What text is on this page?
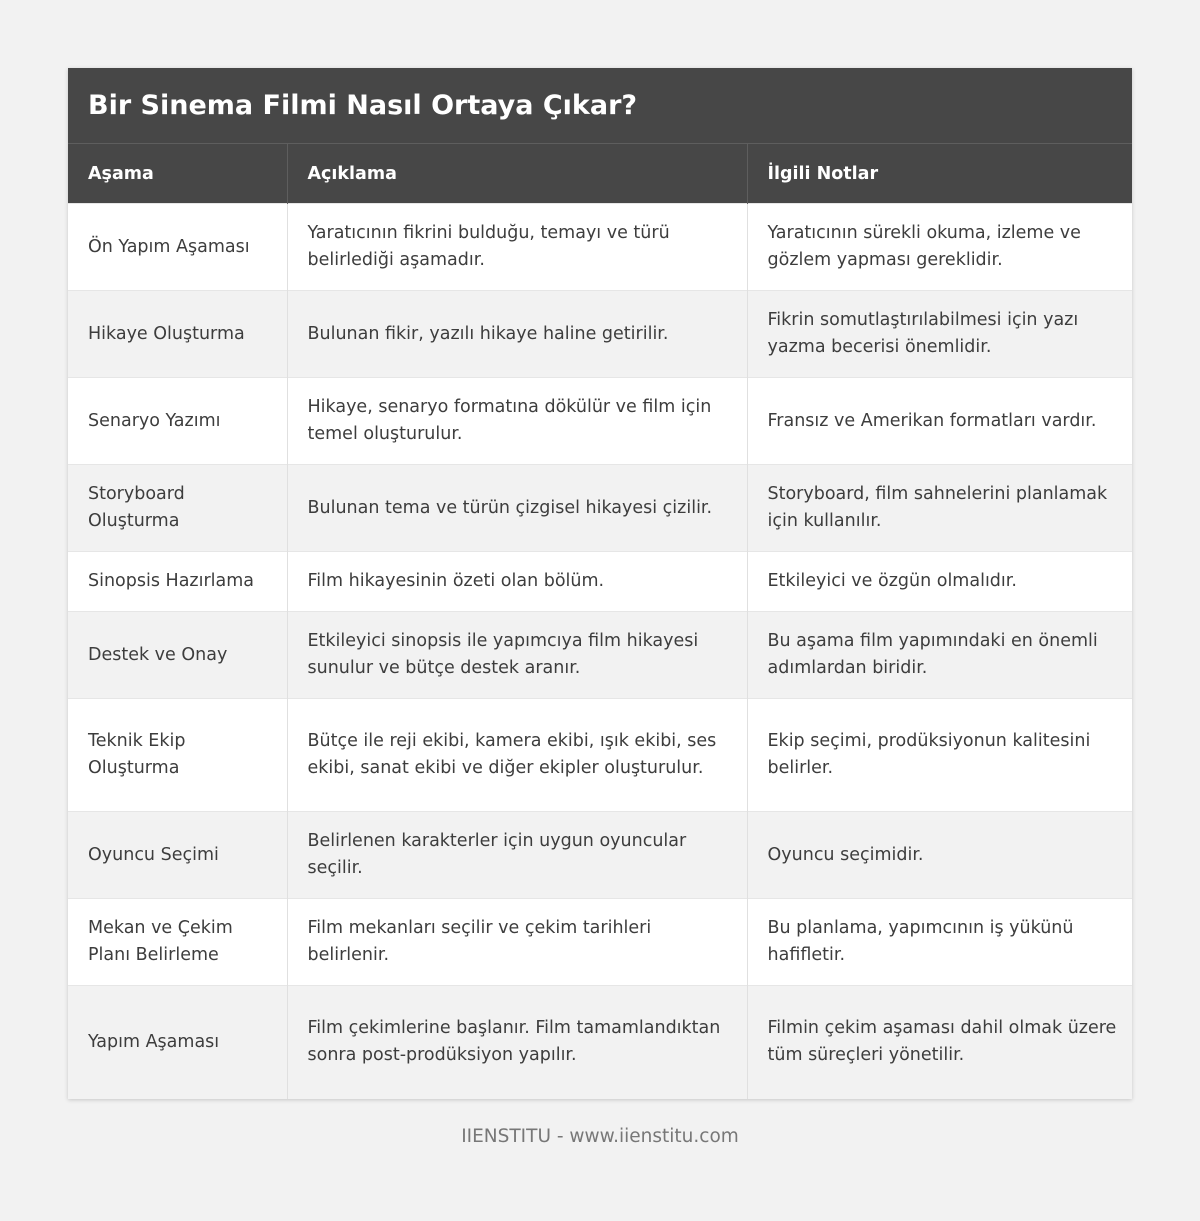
Bir Sinema Filmi Nasıl Ortaya Çıkar?
Aşama	Açıklama	İlgili Notlar
Ön Yapım Aşaması	Yaratıcının fikrini bulduğu, temayı ve türü belirlediği aşamadır.	Yaratıcının sürekli okuma, izleme ve gözlem yapması gereklidir.
Hikaye Oluşturma	Bulunan fikir, yazılı hikaye haline getirilir.	Fikrin somutlaştırılabilmesi için yazı yazma becerisi önemlidir.
Senaryo Yazımı	Hikaye, senaryo formatına dökülür ve film için temel oluşturulur.	Fransız ve Amerikan formatları vardır.
Storyboard Oluşturma	Bulunan tema ve türün çizgisel hikayesi çizilir.	Storyboard, film sahnelerini planlamak için kullanılır.
Sinopsis Hazırlama	Film hikayesinin özeti olan bölüm.	Etkileyici ve özgün olmalıdır.
Destek ve Onay	Etkileyici sinopsis ile yapımcıya film hikayesi sunulur ve bütçe destek aranır.	Bu aşama film yapımındaki en önemli adımlardan biridir.
Teknik Ekip Oluşturma	Bütçe ile reji ekibi, kamera ekibi, ışık ekibi, ses ekibi, sanat ekibi ve diğer ekipler oluşturulur.	Ekip seçimi, prodüksiyonun kalitesini belirler.
Oyuncu Seçimi	Belirlenen karakterler için uygun oyuncular seçilir.	Oyuncu seçimidir.
Mekan ve Çekim Planı Belirleme	Film mekanları seçilir ve çekim tarihleri belirlenir.	Bu planlama, yapımcının iş yükünü hafifletir.
Yapım Aşaması	Film çekimlerine başlanır. Film tamamlandıktan sonra post-prodüksiyon yapılır.	Filmin çekim aşaması dahil olmak üzere tüm süreçleri yönetilir.
IIENSTITU - www.iienstitu.com
